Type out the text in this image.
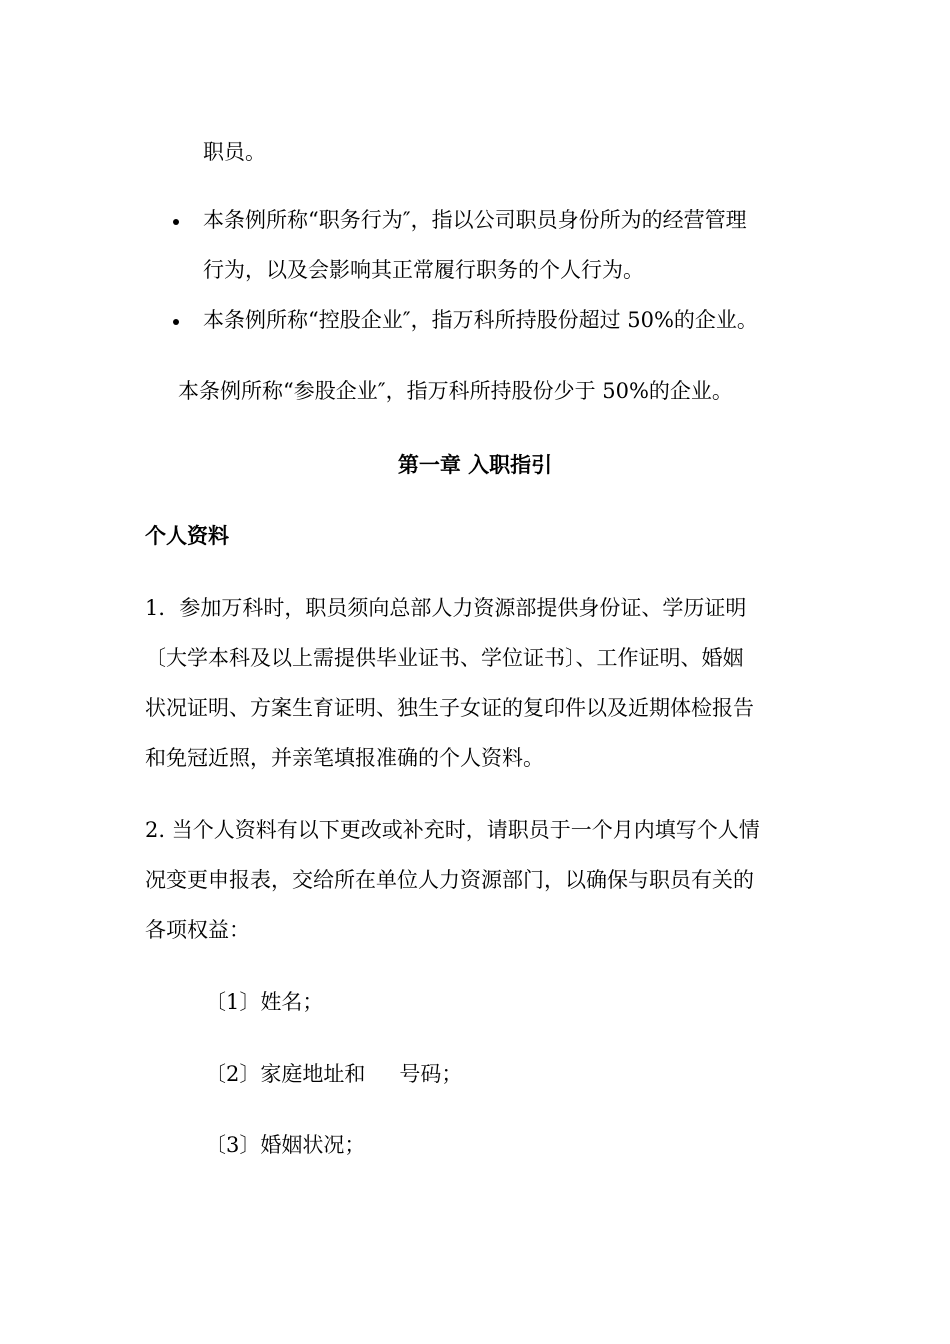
职员。

本条例所称“职务行为″，指以公司职员身份所为的经营管理

行为，以及会影响其正常履行职务的个人行为。

本条例所称“控股企业″，指万科所持股份超过 50%的企业。

本条例所称“参股企业″，指万科所持股份少于 50%的企业。

第一章 入职指引

个人资料

1．参加万科时，职员须向总部人力资源部提供身份证、学历证明

〔大学本科及以上需提供毕业证书、学位证书〕、工作证明、婚姻

状况证明、方案生育证明、独生子女证的复印件以及近期体检报告

和免冠近照，并亲笔填报准确的个人资料。

2. 当个人资料有以下更改或补充时，请职员于一个月内填写个人情

况变更申报表，交给所在单位人力资源部门，以确保与职员有关的

各项权益：

〔1〕姓名；

〔2〕家庭地址和 号码；

〔3〕婚姻状况；
